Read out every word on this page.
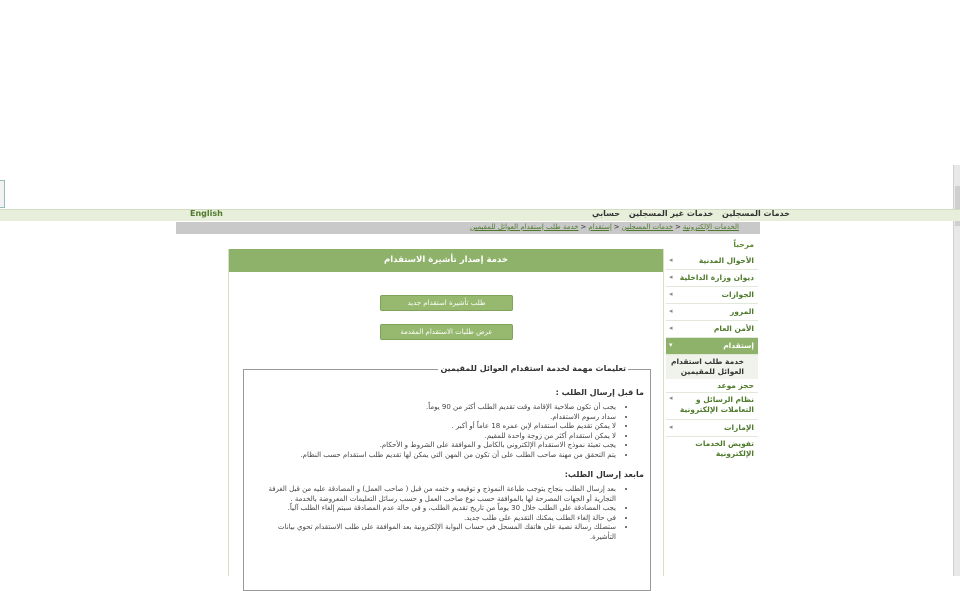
خدمات المسجلين خدمات غير المسجلين حسابي
English
الخدمات الإلكترونية<خدمات المسجلين<إستقدام<خدمة طلب إستقدام العوائل للمقيمين
مرحباً
الأحوال المدنية
◂
ديوان وزارة الداخلية
◂
الجوازات
◂
المرور
◂
الأمن العام
◂
إستقدام
▾
خدمة طلب استقدام العوائل للمقيمين
حجز موعد
نظام الرسائل و التعاملات الإلكترونية
◂
الإمارات
◂
تفويض الخدمات الإلكترونية
خدمة إصدار تأشيرة الاستقدام
طلب تأشيرة استقدام جديد
عرض طلبات الاستقدام المقدمة
تعليمات مهمة لخدمة استقدام العوائل للمقيمين
ما قبل إرسال الطلب :
• يجب أن تكون صلاحية الإقامة وقت تقديم الطلب أكثر من 90 يوماً.
• سداد رسوم الاستقدام.
• لا يمكن تقديم طلب استقدام لإبن عمره 18 عاماً أو أكبر .
• لا يمكن استقدام أكثر من زوجة واحدة للمقيم.
• يجب تعبئة نموذج الاستقدام الإلكتروني بالكامل و الموافقة على الشروط و الأحكام.
• يتم التحقق من مهنة صاحب الطلب على أن تكون من المهن التي يمكن لها تقديم طلب استقدام حسب النظام.
مابعد إرسال الطلب:
• بعد إرسال الطلب بنجاح يتوجب طباعة النموذج و توقيعه و ختمه من قبل ( صاحب العمل) و المصادقة عليه من قبل الغرفة التجارية أو الجهات المصرحة لها بالموافقة حسب نوع صاحب العمل و حسب رسائل التعليمات المعروضة بالخدمة .
• يجب المصادقة على الطلب خلال 30 يوماً من تاريخ تقديم الطلب، و في حالة عدم المصادقة سيتم إلغاء الطلب آلياً.
• في حالة إلغاء الطلب يمكنك التقديم على طلب جديد.
• ستصلك رسالة نصية على هاتفك المسجل في حساب البوابة الإلكترونية بعد الموافقة على طلب الاستقدام تحوي بيانات التأشيرة.
